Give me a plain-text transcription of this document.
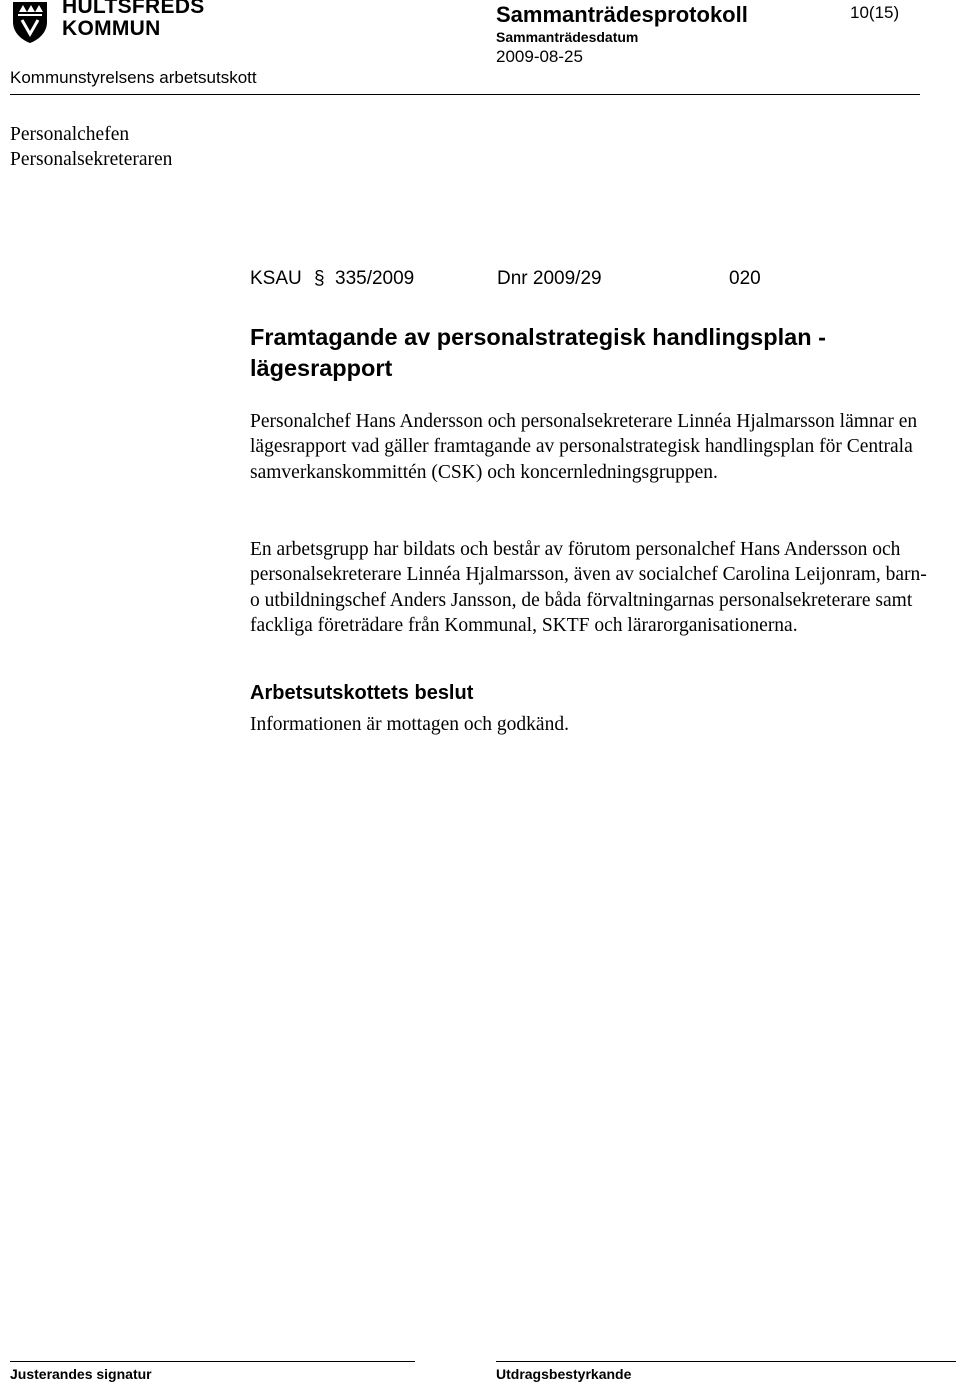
HULTSFREDS
KOMMUN
Sammanträdesprotokoll	10(15)
Sammanträdesdatum
2009-08-25
Kommunstyrelsens arbetsutskott
Personalchefen
Personalsekreteraren
KSAU § 335/2009	Dnr 2009/29	020
Framtagande av personalstrategisk handlingsplan - lägesrapport
Personalchef Hans Andersson och personalsekreterare Linnéa Hjalmarsson lämnar en lägesrapport vad gäller framtagande av personalstrategisk handlingsplan för Centrala samverkanskommittén (CSK) och koncernledningsgruppen.
En arbetsgrupp har bildats och består av förutom personalchef Hans Andersson och personalsekreterare Linnéa Hjalmarsson, även av socialchef Carolina Leijonram, barn- o utbildningschef Anders Jansson, de båda förvaltningarnas personalsekreterare samt fackliga företrädare från Kommunal, SKTF och lärarorganisationerna.
Arbetsutskottets beslut
Informationen är mottagen och godkänd.
Justerandes signatur	Utdragsbestyrkande
